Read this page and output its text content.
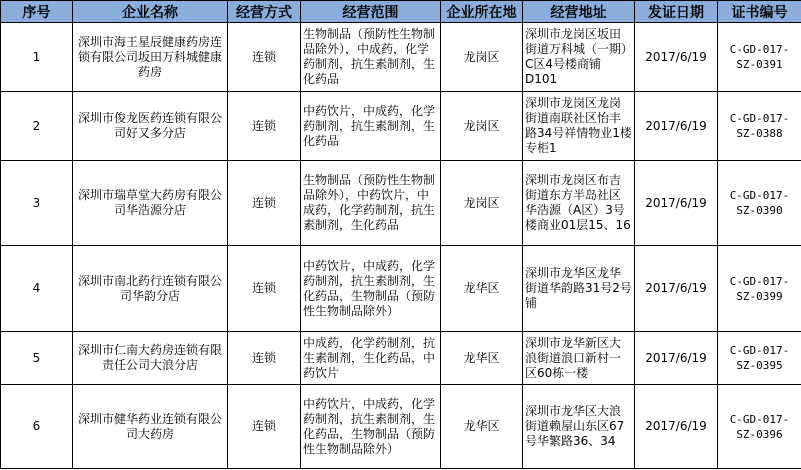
序号	企业名称	经营方式	经营范围	企业所在地	经营地址	发证日期	证书编号
1	深圳市海王星辰健康药房连锁有限公司坂田万科城健康药房	连锁	生物制品（预防性生物制品除外），中成药，化学药制剂，抗生素制剂，生化药品	龙岗区	深圳市龙岗区坂田街道万科城（一期）C区4号楼商铺D101	2017/6/19	C-GD-017-SZ-0391
2	深圳市俊龙医药连锁有限公司好又多分店	连锁	中药饮片，中成药，化学药制剂，抗生素制剂，生化药品	龙岗区	深圳市龙岗区龙岗街道南联社区怡丰路34号祥情物业1楼专柜1	2017/6/19	C-GD-017-SZ-0388
3	深圳市瑞草堂大药房有限公司华浩源分店	连锁	生物制品（预防性生物制品除外），中药饮片，中成药，化学药制剂，抗生素制剂，生化药品	龙岗区	深圳市龙岗区布吉街道东方半岛社区华浩源（A区）3号楼商业01层15、16	2017/6/19	C-GD-017-SZ-0390
4	深圳市南北药行连锁有限公司华韵分店	连锁	中药饮片，中成药，化学药制剂，抗生素制剂，生化药品，生物制品（预防性生物制品除外）	龙华区	深圳市龙华区龙华街道华韵路31号2号铺	2017/6/19	C-GD-017-SZ-0399
5	深圳市仁南大药房连锁有限责任公司大浪分店	连锁	中成药，化学药制剂，抗生素制剂，生化药品，中药饮片	龙华区	深圳市龙华新区大浪街道浪口新村一区60栋一楼	2017/6/19	C-GD-017-SZ-0395
6	深圳市健华药业连锁有限公司大药房	连锁	中药饮片，中成药，化学药制剂，抗生素制剂，生化药品，生物制品（预防性生物制品除外）	龙华区	深圳市龙华区大浪街道赖屋山东区67号华繁路36、34	2017/6/19	C-GD-017-SZ-0396
